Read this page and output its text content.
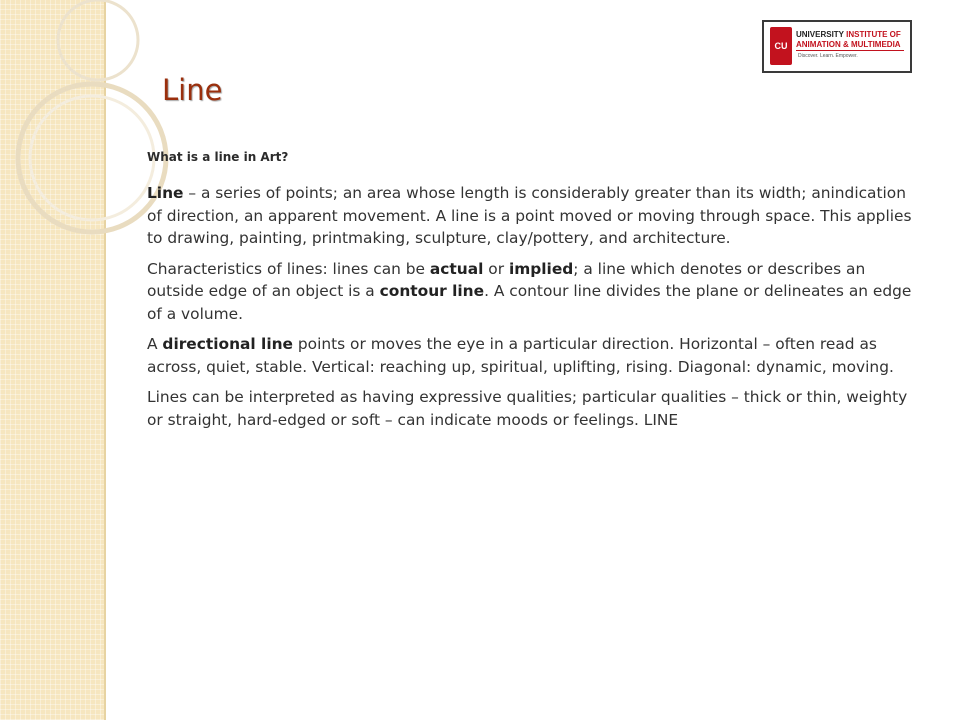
Line
CU
UNIVERSITY INSTITUTE OF
ANIMATION & MULTIMEDIA
Discover. Learn. Empower.

What is a line in Art?

Line – a series of points; an area whose length is considerably greater than its width; anindication of direction, an apparent movement. A line is a point moved or moving through space. This applies to drawing, painting, printmaking, sculpture, clay/pottery, and architecture.

Characteristics of lines: lines can be actual or implied; a line which denotes or describes an outside edge of an object is a contour line. A contour line divides the plane or delineates an edge of a volume.

A directional line points or moves the eye in a particular direction. Horizontal – often read as across, quiet, stable. Vertical: reaching up, spiritual, uplifting, rising. Diagonal: dynamic, moving.

Lines can be interpreted as having expressive qualities; particular qualities – thick or thin, weighty or straight, hard-edged or soft – can indicate moods or feelings. LINE
